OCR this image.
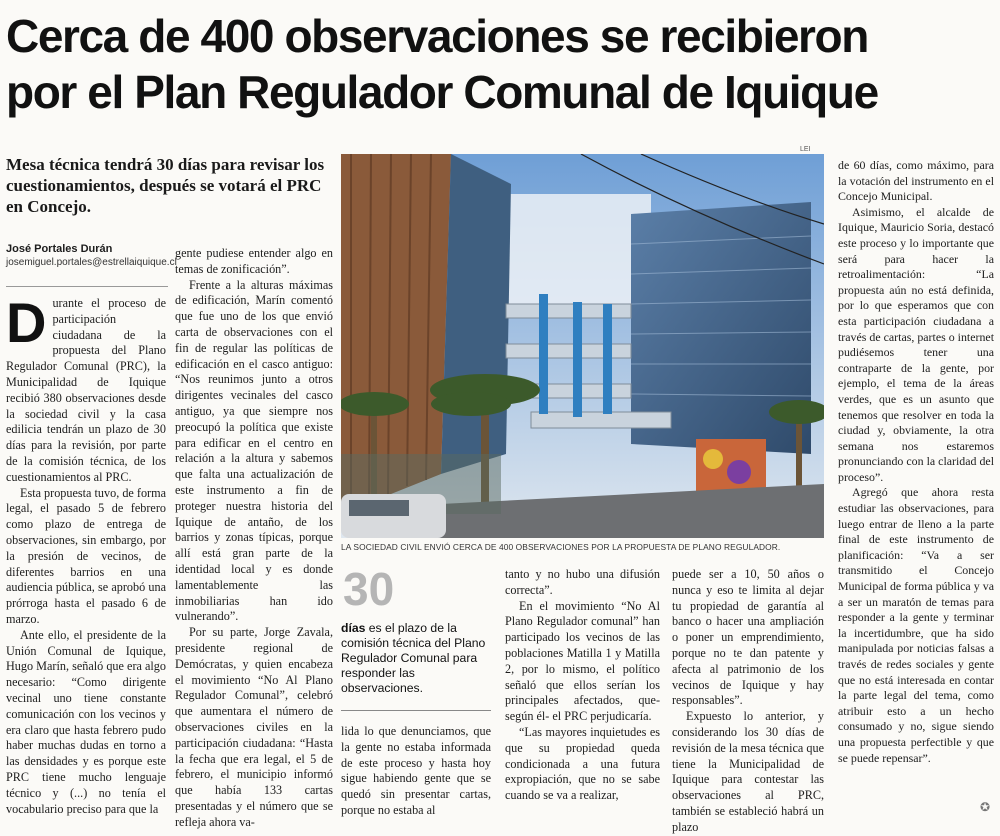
Cerca de 400 observaciones se recibieron
por el Plan Regulador Comunal de Iquique

Mesa técnica tendrá 30 días para revisar los cuestionamientos, después se votará el PRC en Concejo.

José Portales Durán
josemiguel.portales@estrellaiquique.cl
D urante el proceso de participación ciudadana de la propuesta del Plano Regulador Comunal (PRC), la Municipalidad de Iquique recibió 380 observaciones desde la sociedad civil y la casa edilicia tendrán un plazo de 30 días para la revisión, por parte de la comisión técnica, de los cuestionamientos al PRC.

Esta propuesta tuvo, de forma legal, el pasado 5 de febrero como plazo de entrega de observaciones, sin embargo, por la presión de vecinos, de diferentes barrios en una audiencia pública, se aprobó una prórroga hasta el pasado 6 de marzo.

Ante ello, el presidente de la Unión Comunal de Iquique, Hugo Marín, señaló que era algo necesario: “Como dirigente vecinal uno tiene constante comunicación con los vecinos y era claro que hasta febrero pudo haber muchas dudas en torno a las densidades y es porque este PRC tiene mucho lenguaje técnico y (...) no tenía el vocabulario preciso para que la

gente pudiese entender algo en temas de zonificación”.

Frente a la alturas máximas de edificación, Marín comentó que fue uno de los que envió carta de observaciones con el fin de regular las políticas de edificación en el casco antiguo: “Nos reunimos junto a otros dirigentes vecinales del casco antiguo, ya que siempre nos preocupó la política que existe para edificar en el centro en relación a la altura y sabemos que falta una actualización de este instrumento a fin de proteger nuestra historia del Iquique de antaño, de los barrios y zonas típicas, porque allí está gran parte de la identidad local y es donde lamentablemente las inmobiliarias han ido vulnerando”.

Por su parte, Jorge Zavala, presidente regional de Demócratas, y quien encabeza el movimiento “No Al Plano Regulador Comunal”, celebró que aumentara el número de observaciones civiles en la participación ciudadana: “Hasta la fecha que era legal, el 5 de febrero, el municipio informó que había 133 cartas presentadas y el número que se refleja ahora va-

LEI
LA SOCIEDAD CIVIL ENVIÓ CERCA DE 400 OBSERVACIONES POR LA PROPUESTA DE PLANO REGULADOR.
30
días es el plazo de la comisión técnica del Plano Regulador Comunal para responder las observaciones.

lida lo que denunciamos, que la gente no estaba informada de este proceso y hasta hoy sigue habiendo gente que se quedó sin presentar cartas, porque no estaba al

tanto y no hubo una difusión correcta”.

En el movimiento “No Al Plano Regulador comunal” han participado los vecinos de las poblaciones Matilla 1 y Matilla 2, por lo mismo, el político señaló que ellos serían los principales afectados, que-según él- el PRC perjudicaría.

“Las mayores inquietudes es que su propiedad queda condicionada a una futura expropiación, que no se sabe cuando se va a realizar,

puede ser a 10, 50 años o nunca y eso te limita al dejar tu propiedad de garantía al banco o hacer una ampliación o poner un emprendimiento, porque no te dan patente y afecta al patrimonio de los vecinos de Iquique y hay responsables”.

Expuesto lo anterior, y considerando los 30 días de revisión de la mesa técnica que tiene la Municipalidad de Iquique para contestar las observaciones al PRC, también se estableció habrá un plazo

de 60 días, como máximo, para la votación del instrumento en el Concejo Municipal.

Asimismo, el alcalde de Iquique, Mauricio Soria, destacó este proceso y lo importante que será para hacer la retroalimentación: “La propuesta aún no está definida, por lo que esperamos que con esta participación ciudadana a través de cartas, partes o internet pudiésemos tener una contraparte de la gente, por ejemplo, el tema de la áreas verdes, que es un asunto que tenemos que resolver en toda la ciudad y, obviamente, la otra semana nos estaremos pronunciando con la claridad del proceso”.

Agregó que ahora resta estudiar las observaciones, para luego entrar de lleno a la parte final de este instrumento de planificación: “Va a ser transmitido el Concejo Municipal de forma pública y va a ser un maratón de temas para responder a la gente y terminar la incertidumbre, que ha sido manipulada por noticias falsas a través de redes sociales y gente que no está interesada en contar la parte legal del tema, como atribuir esto a un hecho consumado y no, sigue siendo una propuesta perfectible y que se puede repensar”.

✪
